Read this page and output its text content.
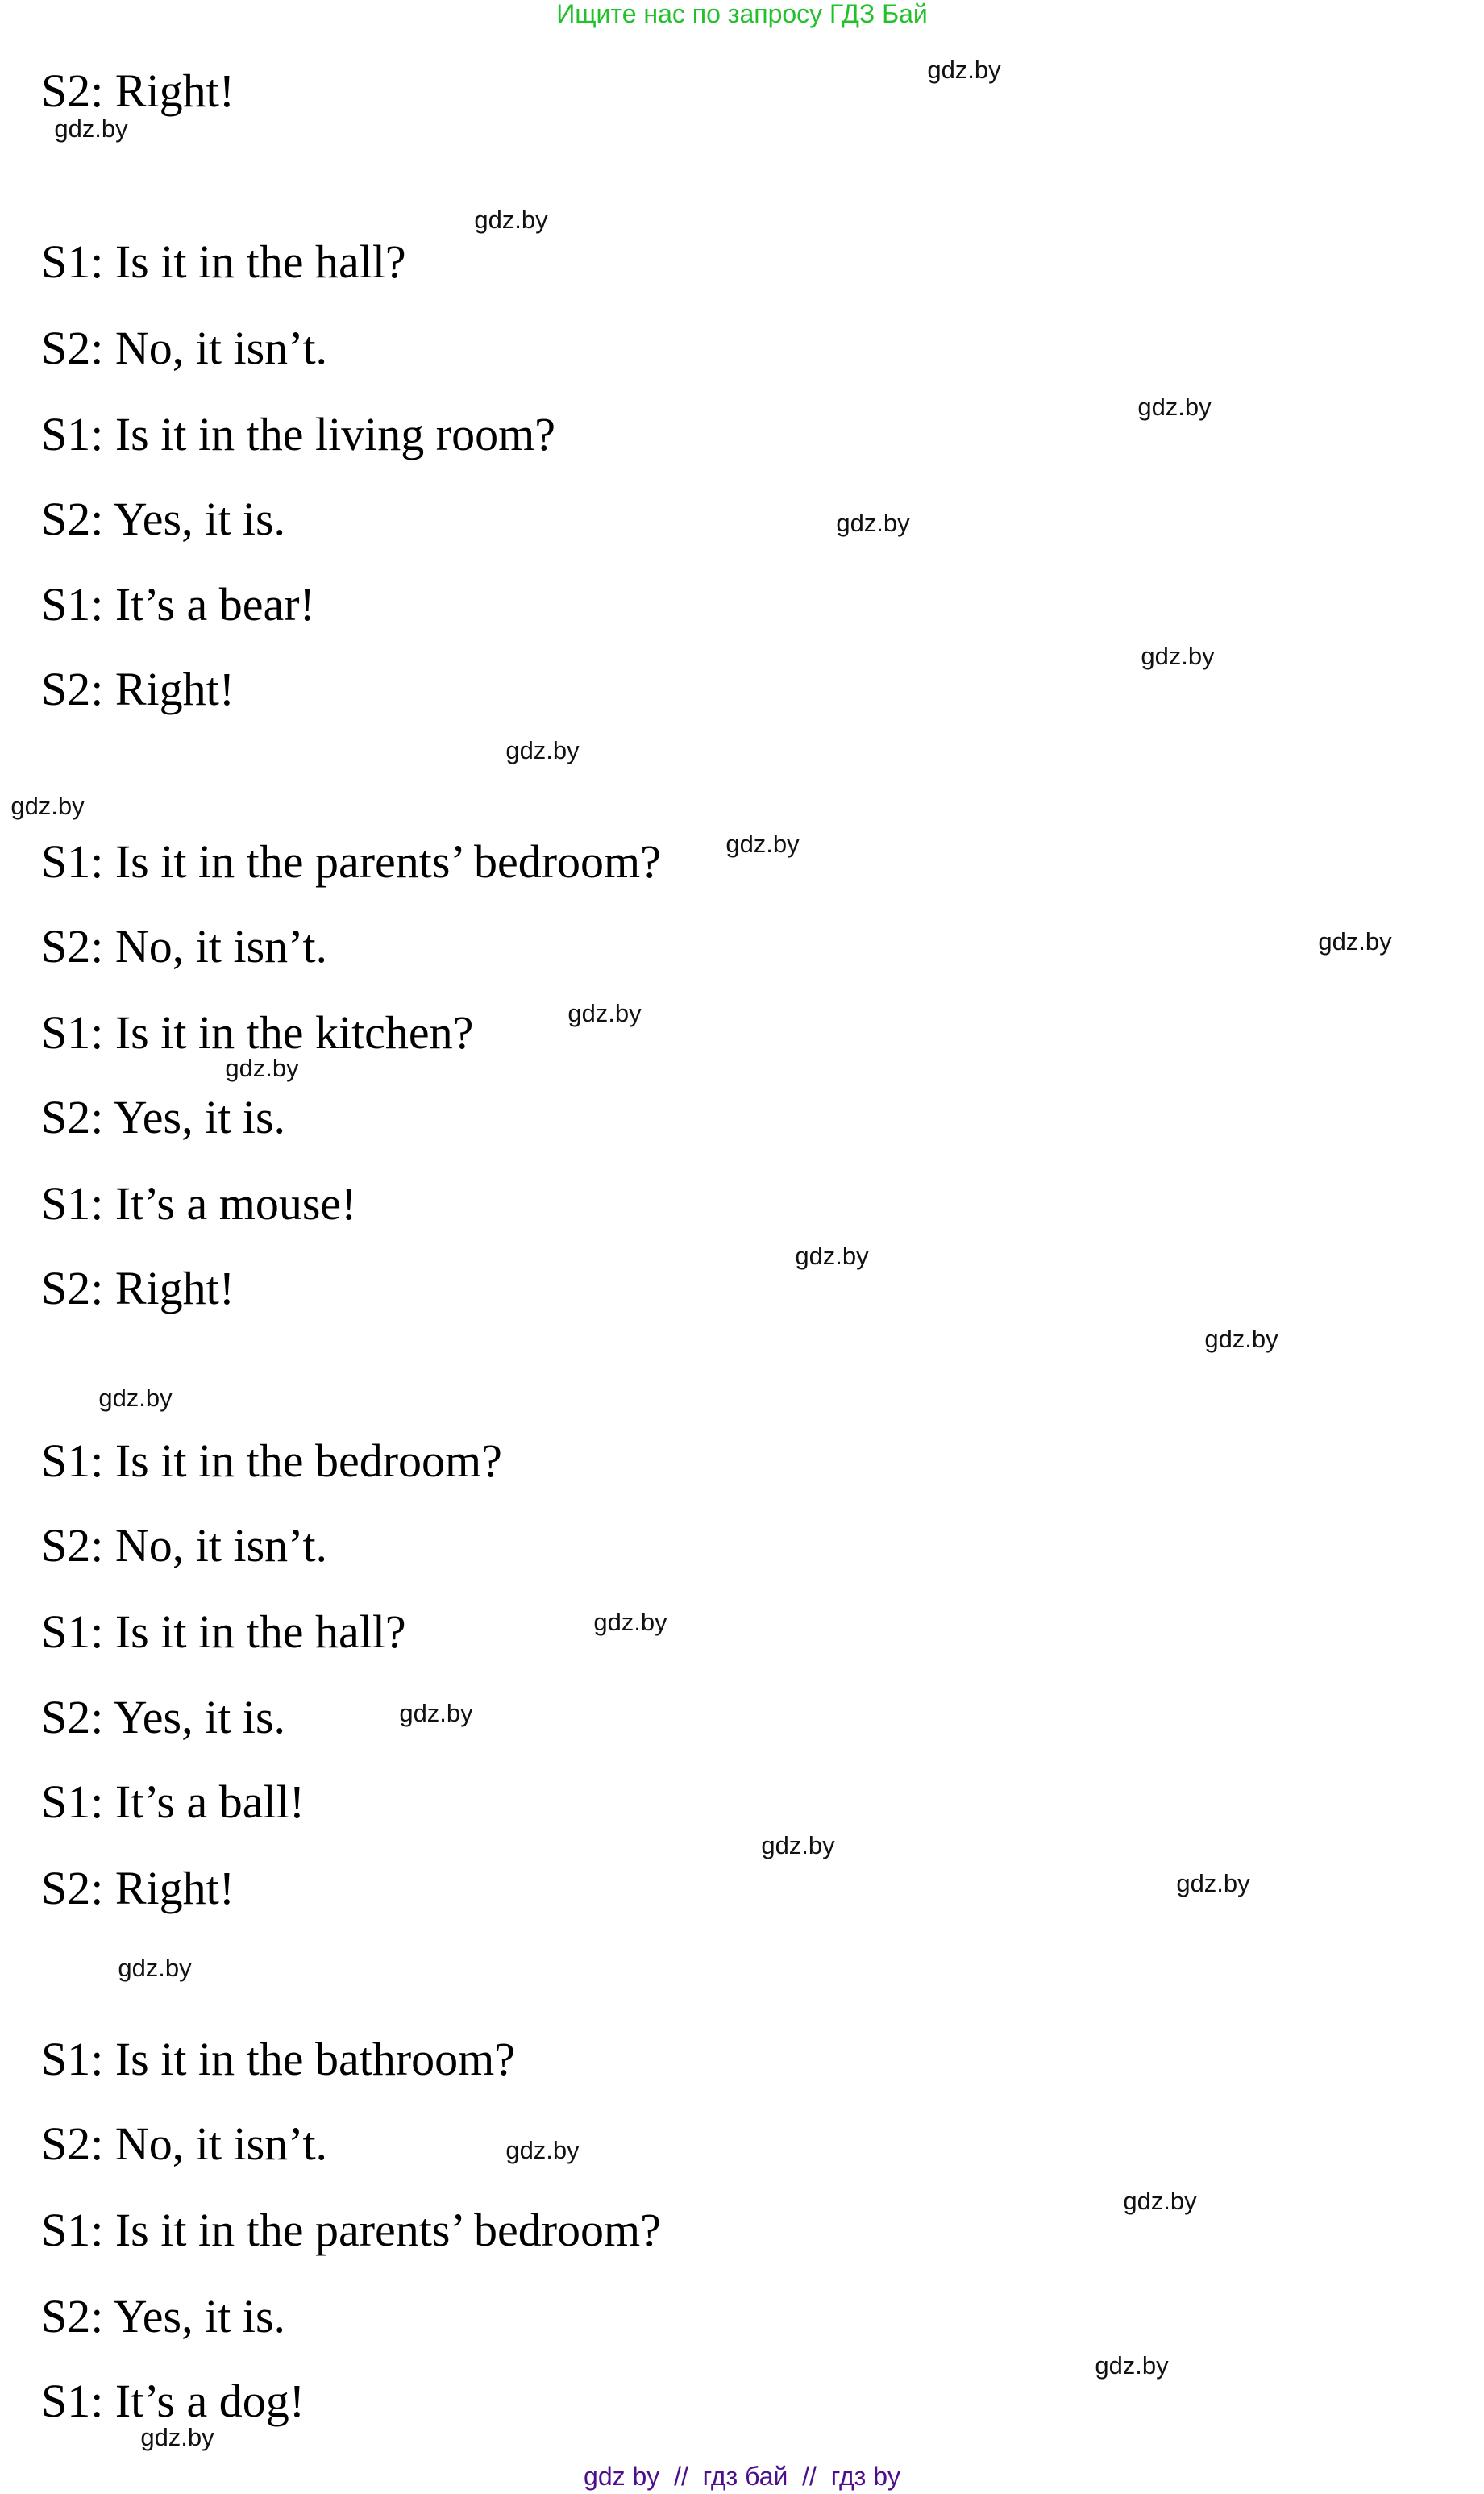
Ищите нас по запросу ГДЗ Бай
S2: Right!
S1: Is it in the hall?
S2: No, it isn’t.
S1: Is it in the living room?
S2: Yes, it is.
S1: It’s a bear!
S2: Right!
S1: Is it in the parents’ bedroom?
S2: No, it isn’t.
S1: Is it in the kitchen?
S2: Yes, it is.
S1: It’s a mouse!
S2: Right!
S1: Is it in the bedroom?
S2: No, it isn’t.
S1: Is it in the hall?
S2: Yes, it is.
S1: It’s a ball!
S2: Right!
S1: Is it in the bathroom?
S2: No, it isn’t.
S1: Is it in the parents’ bedroom?
S2: Yes, it is.
S1: It’s a dog!
gdz.by
gdz.by
gdz.by
gdz.by
gdz.by
gdz.by
gdz.by
gdz.by
gdz.by
gdz.by
gdz.by
gdz.by
gdz.by
gdz.by
gdz.by
gdz.by
gdz.by
gdz.by
gdz.by
gdz.by
gdz.by
gdz.by
gdz.by
gdz.by
gdz by  //  гдз бай  //  гдз by
